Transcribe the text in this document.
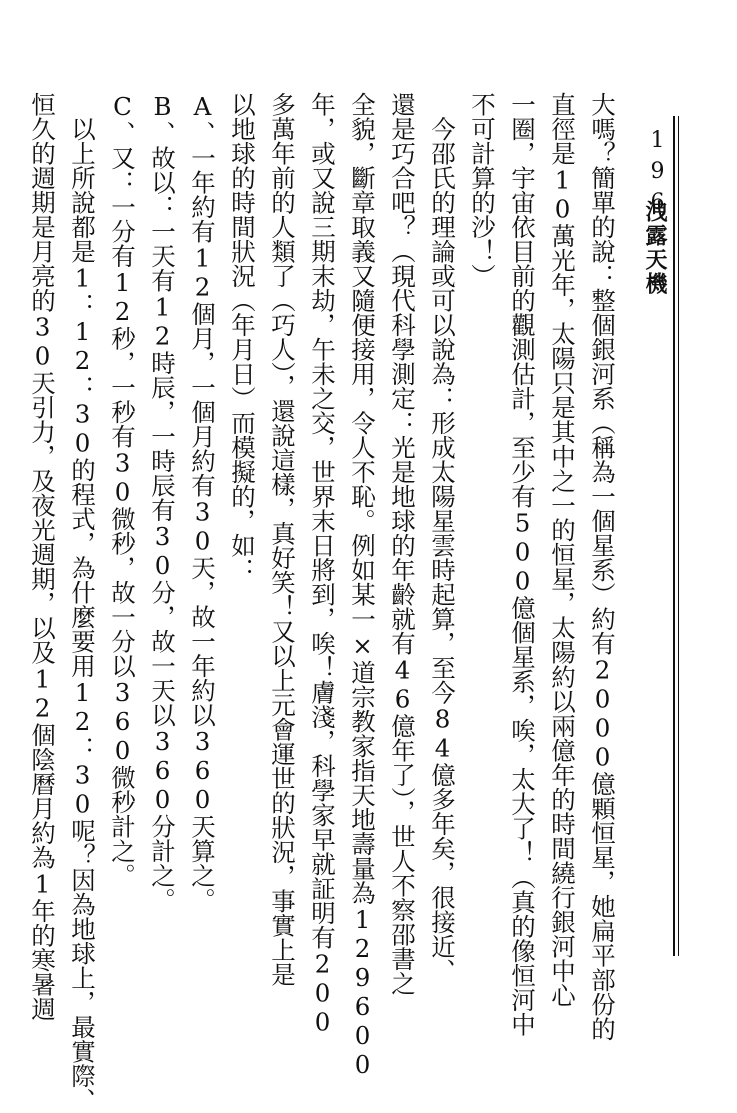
196
洩露天機
大嗎？簡單的說：整個銀河系（稱為一個星系）約有2000億顆恒星，她扁平部份的
直徑是10萬光年，太陽只是其中之一的恒星，太陽約以兩億年的時間繞行銀河中心
一圈，宇宙依目前的觀測估計，至少有500億個星系，唉，太大了！（真的像恒河中
不可計算的沙！）
　今邵氏的理論或可以說為：形成太陽星雲時起算，至今84億多年矣，很接近、
還是巧合吧？（現代科學測定：光是地球的年齡就有46億年了），世人不察邵書之
全貌，斷章取義又隨便接用，令人不恥。例如某一×道宗教家指天地壽量為129600
年，或又說三期末劫，午未之交，世界末日將到，唉！膚淺，科學家早就証明有200
多萬年前的人類了（巧人），還說這樣，真好笑！又以上元會運世的狀況，事實上是
以地球的時間狀況（年月日）而模擬的，如：
A、一年約有12個月，一個月約有30天，故一年約以360天算之。
B、故以：一天有12時辰，一時辰有30分，故一天以360分計之。
C、又：一分有12秒，一秒有30微秒，故一分以360微秒計之。
　以上所說都是1：12：30的程式，為什麼要用12：30呢？因為地球上，最實際、
恒久的週期是月亮的30天引力，及夜光週期，以及12個陰曆月約為1年的寒暑週
